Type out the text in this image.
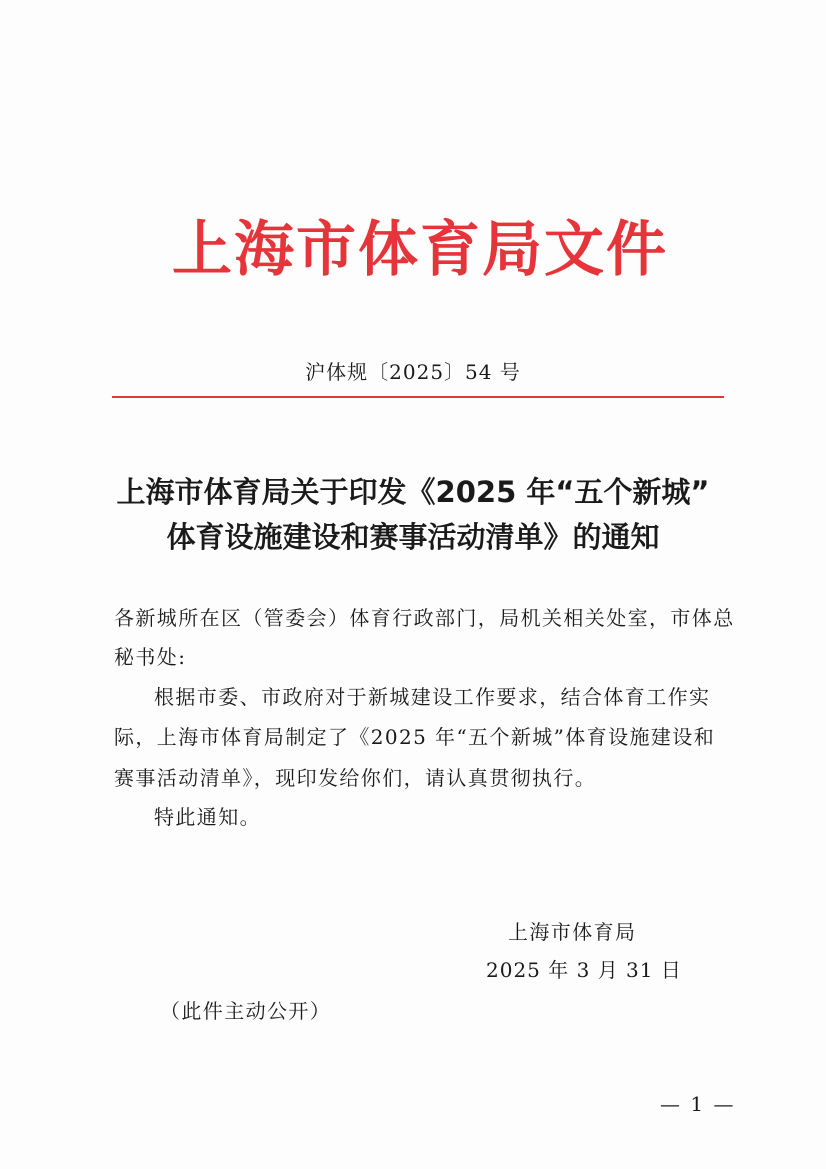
上海市体育局文件
沪体规〔2025〕54 号
上海市体育局关于印发《2025 年“五个新城”
体育设施建设和赛事活动清单》的通知
各新城所在区（管委会）体育行政部门，局机关相关处室，市体总
秘书处:
根据市委、市政府对于新城建设工作要求，结合体育工作实
际，上海市体育局制定了《2025 年“五个新城”体育设施建设和
赛事活动清单》，现印发给你们，请认真贯彻执行。
特此通知。
上海市体育局
2025 年 3 月 31 日
（此件主动公开）
— 1 —
